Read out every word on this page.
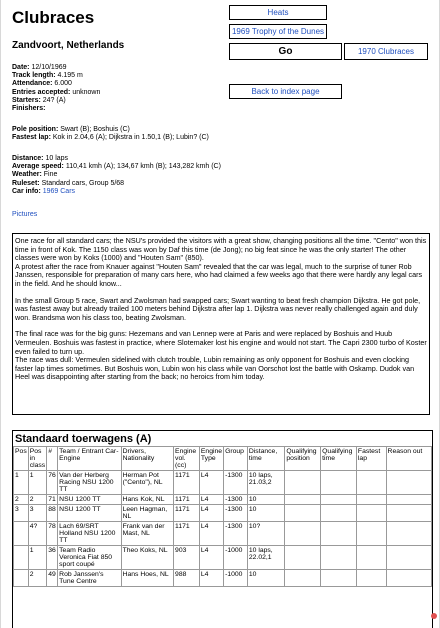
Clubraces
Zandvoort, Netherlands
Heats
1969 Trophy of the Dunes
Go	1970 Clubraces
Back to index page
Date: 12/10/1969
Track length: 4.195 m
Attendance: 6.000
Entries accepted: unknown
Starters: 24? (A)
Finishers:
Pole position: Swart (B); Boshuis (C)
Fastest lap: Kok in 2.04,6 (A); Dijkstra in 1.50,1 (B); Lubin? (C)
Distance: 10 laps
Average speed: 110,41 kmh (A); 134,67 kmh (B); 143,282 kmh (C)
Weather: Fine
Ruleset: Standard cars, Group 5/68
Car info: 1969 Cars
Pictures

One race for all standard cars; the NSU's provided the visitors with a great show, changing positions all the time. "Cento" won this time in front of Kok. The 1150 class was won by Daf this time (de Jong); no big feat since he was the only starter! The other classes were won by Koks (1000) and "Houten Sam" (850).

A protest after the race from Knauer against "Houten Sam" revealed that the car was legal, much to the surprise of tuner Rob Janssen, responsible for preparation of many cars here, who had claimed a few weeks ago that there were hardly any legal cars in the field. And he should know...

In the small Group 5 race, Swart and Zwolsman had swapped cars; Swart wanting to beat fresh champion Dijkstra. He got pole, was fastest away but already trailed 100 meters behind Dijkstra after lap 1. Dijkstra was never really challenged again and duly won. Brandsma won his class too, beating Zwolsman.

The final race was for the big guns: Hezemans and van Lennep were at Paris and were replaced by Boshuis and Huub Vermeulen. Boshuis was fastest in practice, where Slotemaker lost his engine and would not start. The Capri 2300 turbo of Koster even failed to turn up.

The race was dull: Vermeulen sidelined with clutch trouble, Lubin remaining as only opponent for Boshuis and even clocking faster lap times sometimes. But Boshuis won, Lubin won his class while van Oorschot lost the battle with Oskamp. Dudok van Heel was disappointing after starting from the back; no heroics from him today.

Standaard toerwagens (A)
Pos	Pos in class	#	Team / Entrant Car- Engine	Drivers, Nationality	Engine vol. (cc)	Engine Type	Group	Distance, time	Qualifying position	Qualifying time	Fastest lap	Reason out
1	1	76	Van der Herberg Racing NSU 1200 TT	Herman Pot ("Cento"), NL	1171	L4	-1300	10 laps, 21.03,2				
2	2	71	NSU 1200 TT	Hans Kok, NL	1171	L4	-1300	10				
3	3	88	NSU 1200 TT	Leen Hagman, NL	1171	L4	-1300	10				
	4?	78	Lach 69/SRT Holland NSU 1200 TT	Frank van der Mast, NL	1171	L4	-1300	10?				
	1	36	Team Radio Veronica Fiat 850 sport coupé	Theo Koks, NL	903	L4	-1000	10 laps, 22.02,1				
	2	49	Rob Janssen's Tune Centre	Hans Hoes, NL	988	L4	-1000	10				
